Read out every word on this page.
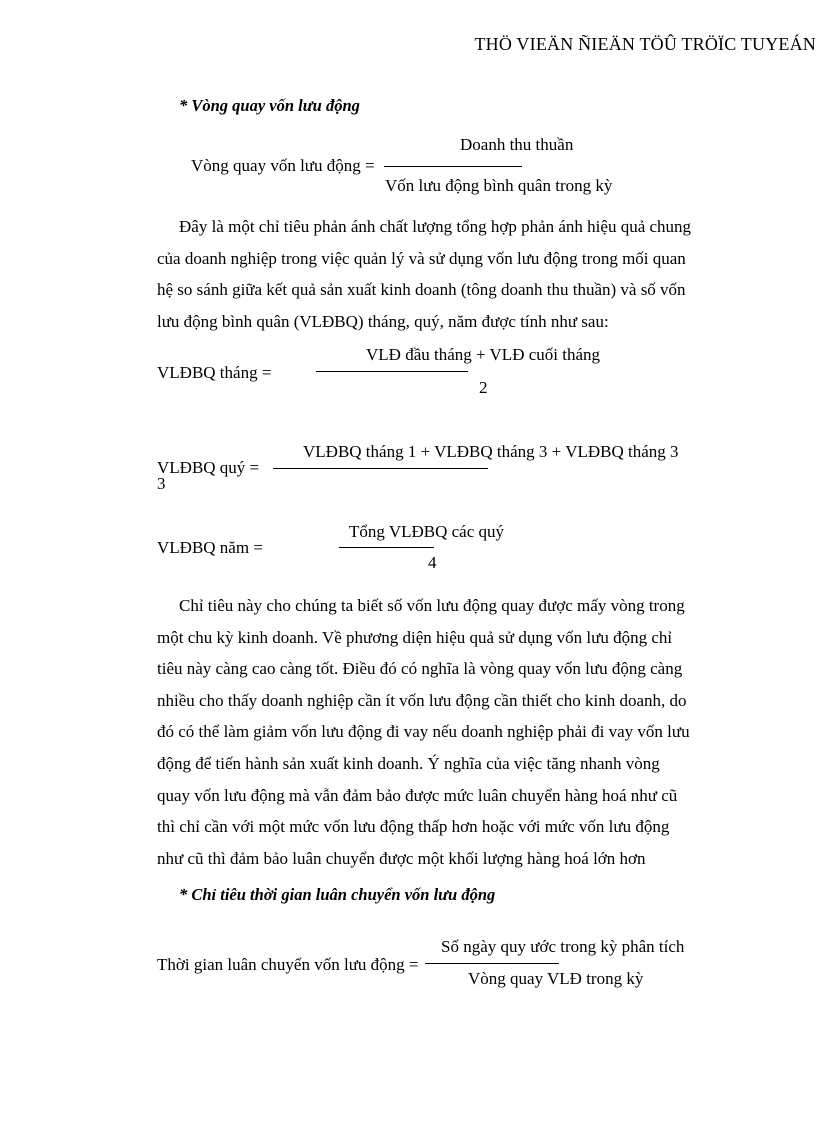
THÖ VIEÄN ÑIEÄN TÖÛ TRÖÏC TUYEÁN
* Vòng quay vốn lưu động
Doanh thu thuần
Vòng quay vốn lưu động =
Vốn lưu động bình quân trong kỳ
Đây là một chỉ tiêu phản ánh chất lượng tổng hợp phản ánh hiệu quả chung
của doanh nghiệp trong việc quản lý và sử dụng vốn lưu động trong mối quan
hệ so sánh giữa kết quả sản xuất kinh doanh (tông doanh thu thuần) và số vốn
lưu động bình quân (VLĐBQ) tháng, quý, năm được tính như sau:
VLĐ đầu tháng + VLĐ cuối tháng
VLĐBQ tháng =
2
VLĐBQ tháng 1 + VLĐBQ tháng 3 + VLĐBQ tháng 3
VLĐBQ quý =
3
Tổng VLĐBQ các quý
VLĐBQ năm =
4
Chỉ tiêu này cho chúng ta biết số vốn lưu động quay được mấy vòng trong
một chu kỳ kinh doanh. Về phương diện hiệu quả sử dụng vốn lưu động chỉ
tiêu này càng cao càng tốt. Điều đó có nghĩa là vòng quay vốn lưu động càng
nhiều cho thấy doanh nghiệp cần ít vốn lưu động cần thiết cho kinh doanh, do
đó có thể làm giảm vốn lưu động đi vay nếu doanh nghiệp phải đi vay vốn lưu
động để tiến hành sản xuất kinh doanh. Ý nghĩa của việc tăng nhanh vòng
quay vốn lưu động mà vẫn đảm bảo được mức luân chuyển hàng hoá như cũ
thì chỉ cần với một mức vốn lưu động thấp hơn hoặc với mức vốn lưu động
như cũ thì đảm bảo luân chuyển được một khối lượng hàng hoá lớn hơn
* Chỉ tiêu thời gian luân chuyển vốn lưu động
Số ngày quy ước trong kỳ phân tích
Thời gian luân chuyển vốn lưu động =
Vòng quay VLĐ trong kỳ
